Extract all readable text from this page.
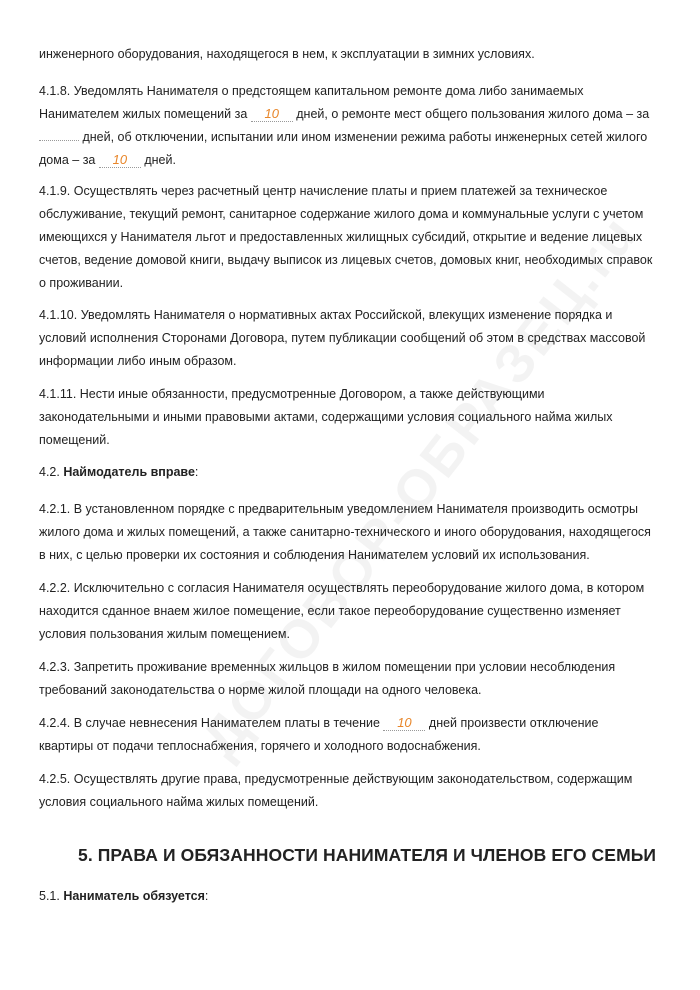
инженерного оборудования, находящегося в нем, к эксплуатации в зимних условиях.

4.1.8. Уведомлять Нанимателя о предстоящем капитальном ремонте дома либо занимаемых
Нанимателем жилых помещений за 10 дней, о ремонте мест общего пользования жилого дома – за
дней, об отключении, испытании или ином изменении режима работы инженерных сетей жилого
дома – за 10 дней.

4.1.9. Осуществлять через расчетный центр начисление платы и прием платежей за техническое
обслуживание, текущий ремонт, санитарное содержание жилого дома и коммунальные услуги с учетом
имеющихся у Нанимателя льгот и предоставленных жилищных субсидий, открытие и ведение лицевых
счетов, ведение домовой книги, выдачу выписок из лицевых счетов, домовых книг, необходимых справок
о проживании.

4.1.10. Уведомлять Нанимателя о нормативных актах Российской, влекущих изменение порядка и
условий исполнения Сторонами Договора, путем публикации сообщений об этом в средствах массовой
информации либо иным образом.

4.1.11. Нести иные обязанности, предусмотренные Договором, а также действующими
законодательными и иными правовыми актами, содержащими условия социального найма жилых
помещений.

4.2. Наймодатель вправе:

4.2.1. В установленном порядке с предварительным уведомлением Нанимателя производить осмотры
жилого дома и жилых помещений, а также санитарно-технического и иного оборудования, находящегося
в них, с целью проверки их состояния и соблюдения Нанимателем условий их использования.

4.2.2. Исключительно с согласия Нанимателя осуществлять переоборудование жилого дома, в котором
находится сданное внаем жилое помещение, если такое переоборудование существенно изменяет
условия пользования жилым помещением.

4.2.3. Запретить проживание временных жильцов в жилом помещении при условии несоблюдения
требований законодательства о норме жилой площади на одного человека.

4.2.4. В случае невнесения Нанимателем платы в течение 10 дней произвести отключение
квартиры от подачи теплоснабжения, горячего и холодного водоснабжения.

4.2.5. Осуществлять другие права, предусмотренные действующим законодательством, содержащим
условия социального найма жилых помещений.

5. ПРАВА И ОБЯЗАННОСТИ НАНИМАТЕЛЯ И ЧЛЕНОВ ЕГО СЕМЬИ

5.1. Наниматель обязуется:
